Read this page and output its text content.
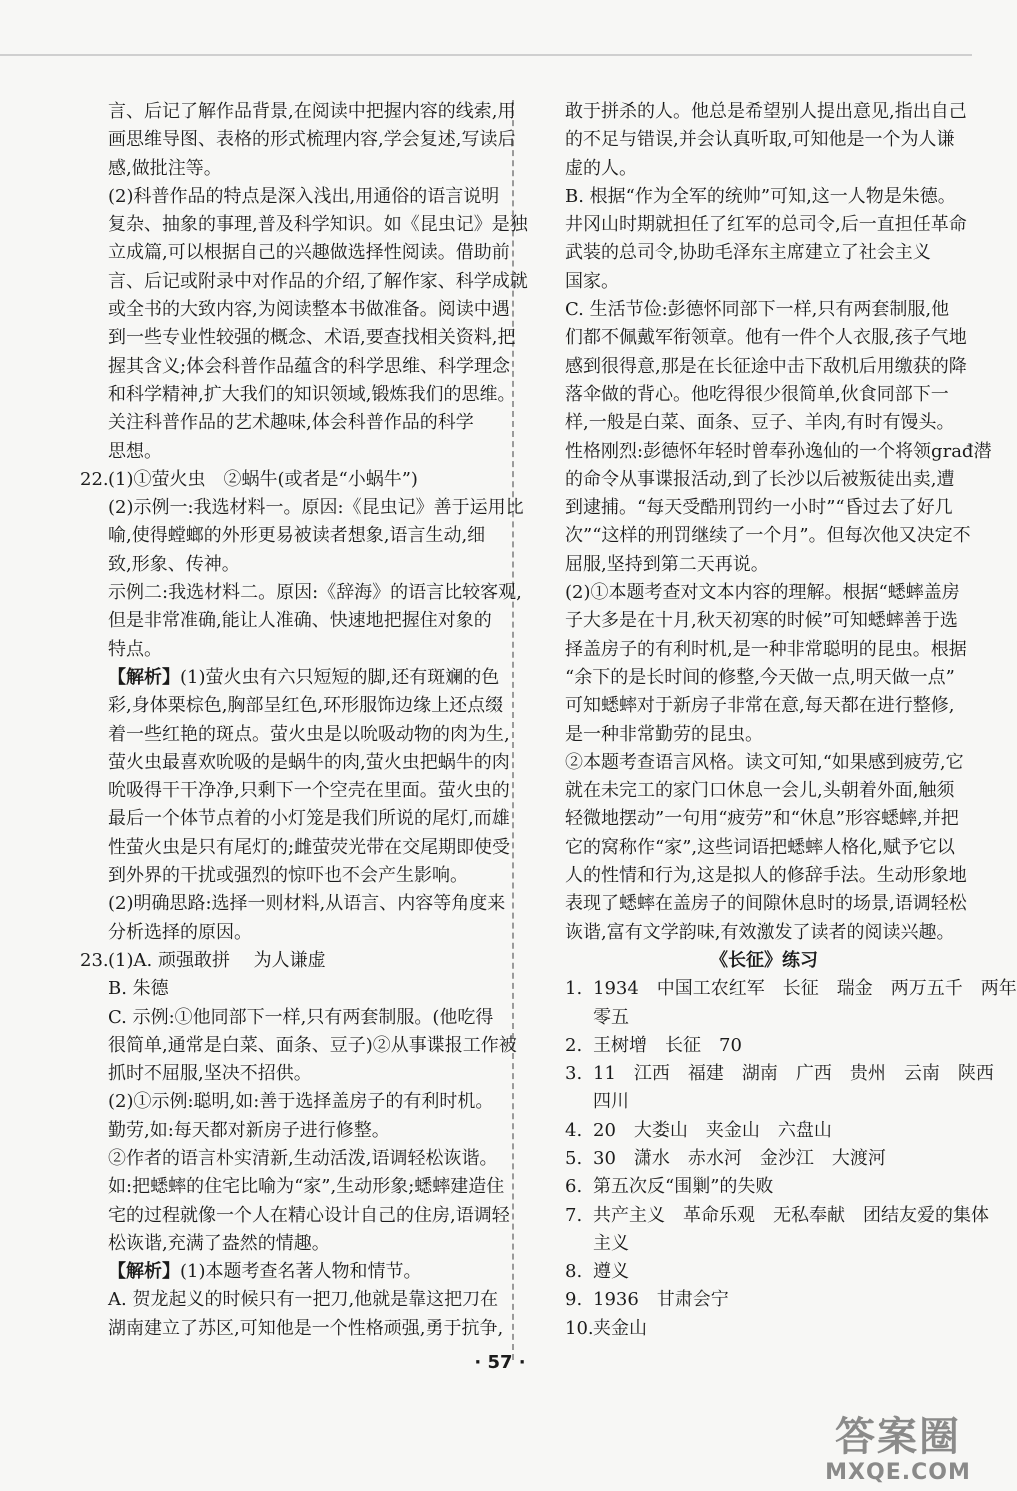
言、后记了解作品背景,在阅读中把握内容的线索,用
画思维导图、表格的形式梳理内容,学会复述,写读后
感,做批注等。
(2)科普作品的特点是深入浅出,用通俗的语言说明
复杂、抽象的事理,普及科学知识。如《昆虫记》是独
立成篇,可以根据自己的兴趣做选择性阅读。借助前
言、后记或附录中对作品的介绍,了解作家、科学成就
或全书的大致内容,为阅读整本书做准备。阅读中遇
到一些专业性较强的概念、术语,要查找相关资料,把
握其含义;体会科普作品蕴含的科学思维、科学理念
和科学精神,扩大我们的知识领域,锻炼我们的思维。
关注科普作品的艺术趣味,体会科普作品的科学
思想。
22.(1)①萤火虫　②蜗牛(或者是“小蜗牛”)
(2)示例一:我选材料一。原因:《昆虫记》善于运用比
喻,使得螳螂的外形更易被读者想象,语言生动,细
致,形象、传神。
示例二:我选材料二。原因:《辞海》的语言比较客观,
但是非常准确,能让人准确、快速地把握住对象的
特点。
【解析】(1)萤火虫有六只短短的脚,还有斑斓的色
彩,身体栗棕色,胸部呈红色,环形服饰边缘上还点缀
着一些红艳的斑点。萤火虫是以吮吸动物的肉为生,
萤火虫最喜欢吮吸的是蜗牛的肉,萤火虫把蜗牛的肉
吮吸得干干净净,只剩下一个空壳在里面。萤火虫的
最后一个体节点着的小灯笼是我们所说的尾灯,而雄
性萤火虫是只有尾灯的;雌萤荧光带在交尾期即使受
到外界的干扰或强烈的惊吓也不会产生影响。
(2)明确思路:选择一则材料,从语言、内容等角度来
分析选择的原因。
23.(1)A. 顽强敢拼　 为人谦虚
B. 朱德
C. 示例:①他同部下一样,只有两套制服。(他吃得
很简单,通常是白菜、面条、豆子)②从事谍报工作被
抓时不屈服,坚决不招供。
(2)①示例:聪明,如:善于选择盖房子的有利时机。
勤劳,如:每天都对新房子进行修整。
②作者的语言朴实清新,生动活泼,语调轻松诙谐。
如:把蟋蟀的住宅比喻为“家”,生动形象;蟋蟀建造住
宅的过程就像一个人在精心设计自己的住房,语调轻
松诙谐,充满了盎然的情趣。
【解析】(1)本题考查名著人物和情节。
A. 贺龙起义的时候只有一把刀,他就是靠这把刀在
湖南建立了苏区,可知他是一个性格顽强,勇于抗争,
敢于拼杀的人。他总是希望别人提出意见,指出自己
的不足与错误,并会认真听取,可知他是一个为人谦
虚的人。
B. 根据“作为全军的统帅”可知,这一人物是朱德。
井冈山时期就担任了红军的总司令,后一直担任革命
武装的总司令,协助毛泽东主席建立了社会主义
国家。
C. 生活节俭:彭德怀同部下一样,只有两套制服,他
们都不佩戴军衔领章。他有一件个人衣服,孩子气地
感到很得意,那是在长征途中击下敌机后用缴获的降
落伞做的背心。他吃得很少很简单,伙食同部下一
样,一般是白菜、面条、豆子、羊肉,有时有馒头。
性格刚烈:彭德怀年轻时曾奉孙逸仙的一个将领građ潜
的命令从事谍报活动,到了长沙以后被叛徒出卖,遭
到逮捕。“每天受酷刑罚约一小时”“昏过去了好几
次”“这样的刑罚继续了一个月”。但每次他又决定不
屈服,坚持到第二天再说。
(2)①本题考查对文本内容的理解。根据“蟋蟀盖房
子大多是在十月,秋天初寒的时候”可知蟋蟀善于选
择盖房子的有利时机,是一种非常聪明的昆虫。根据
“余下的是长时间的修整,今天做一点,明天做一点”
可知蟋蟀对于新房子非常在意,每天都在进行整修,
是一种非常勤劳的昆虫。
②本题考查语言风格。读文可知,“如果感到疲劳,它
就在未完工的家门口休息一会儿,头朝着外面,触须
轻微地摆动”一句用“疲劳”和“休息”形容蟋蟀,并把
它的窝称作“家”,这些词语把蟋蟀人格化,赋予它以
人的性情和行为,这是拟人的修辞手法。生动形象地
表现了蟋蟀在盖房子的间隙休息时的场景,语调轻松
诙谐,富有文学韵味,有效激发了读者的阅读兴趣。
《长征》练习
1. 1934　中国工农红军　长征　瑞金　两万五千　两年
零五
2. 王树增　长征　70
3. 11　江西　福建　湖南　广西　贵州　云南　陕西
四川
4. 20　大娄山　夹金山　六盘山
5. 30　潇水　赤水河　金沙江　大渡河
6. 第五次反“围剿”的失败
7. 共产主义　革命乐观　无私奉献　团结友爱的集体
主义
8. 遵义
9. 1936　甘肃会宁
10.夹金山
· 57 ·
答案圈
MXQE.COM
